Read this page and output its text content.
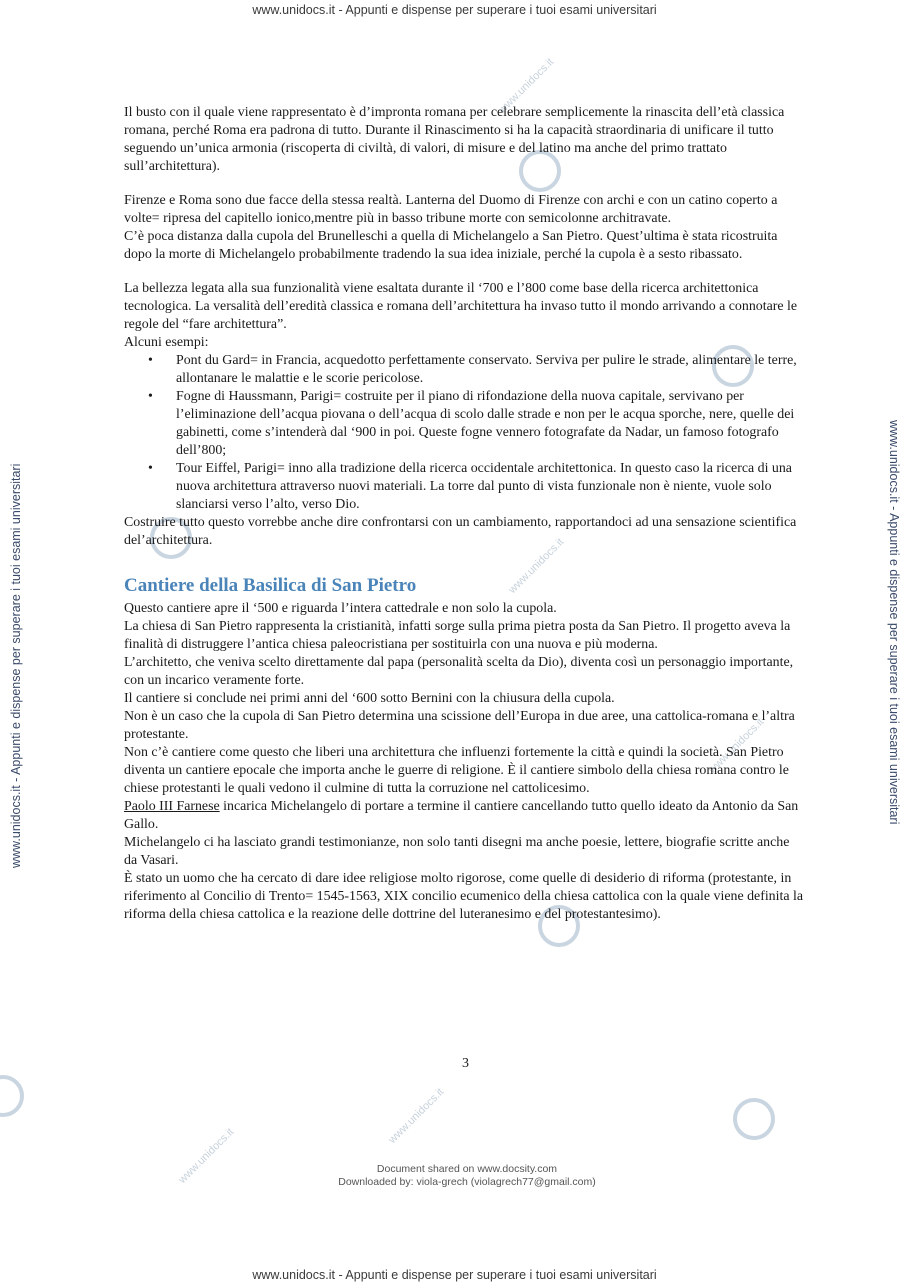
www.unidocs.it
www.unidocs.it
www.unidocs.it
www.unidocs.it
www.unidocs.it
www.unidocs.it - Appunti e dispense per superare i tuoi esami universitari
www.unidocs.it - Appunti e dispense per superare i tuoi esami universitari
www.unidocs.it - Appunti e dispense per superare i tuoi esami universitari	www.unidocs.it - Appunti e dispense per superare i tuoi esami universitari

Il busto con il quale viene rappresentato è d’impronta romana per celebrare semplicemente la rinascita dell’età classica romana, perché Roma era padrona di tutto. Durante il Rinascimento si ha la capacità straordinaria di unificare il tutto seguendo un’unica armonia (riscoperta di civiltà, di valori, di misure e del latino ma anche del primo trattato sull’architettura).

Firenze e Roma sono due facce della stessa realtà. Lanterna del Duomo di Firenze con archi e con un catino coperto a volte= ripresa del capitello ionico,mentre più in basso tribune morte con semicolonne architravate.

C’è poca distanza dalla cupola del Brunelleschi a quella di Michelangelo a San Pietro. Quest’ultima è stata ricostruita dopo la morte di Michelangelo probabilmente tradendo la sua idea iniziale, perché la cupola è a sesto ribassato.

La bellezza legata alla sua funzionalità viene esaltata durante il ‘700 e l’800 come base della ricerca architettonica tecnologica. La versalità dell’eredità classica e romana dell’architettura ha invaso tutto il mondo arrivando a connotare le regole del “fare architettura”.

Alcuni esempi:

• Pont du Gard= in Francia, acquedotto perfettamente conservato. Serviva per pulire le strade, alimentare le terre, allontanare le malattie e le scorie pericolose.
• Fogne di Haussmann, Parigi= costruite per il piano di rifondazione della nuova capitale, servivano per l’eliminazione dell’acqua piovana o dell’acqua di scolo dalle strade e non per le acqua sporche, nere, quelle dei gabinetti, come s’intenderà dal ‘900 in poi. Queste fogne vennero fotografate da Nadar, un famoso fotografo dell’800;
• Tour Eiffel, Parigi= inno alla tradizione della ricerca occidentale architettonica. In questo caso la ricerca di una nuova architettura attraverso nuovi materiali. La torre dal punto di vista funzionale non è niente, vuole solo slanciarsi verso l’alto, verso Dio.

Costruire tutto questo vorrebbe anche dire confrontarsi con un cambiamento, rapportandoci ad una sensazione scientifica del’architettura.

Cantiere della Basilica di San Pietro

Questo cantiere apre il ‘500 e riguarda l’intera cattedrale e non solo la cupola.

La chiesa di San Pietro rappresenta la cristianità, infatti sorge sulla prima pietra posta da San Pietro. Il progetto aveva la finalità di distruggere l’antica chiesa paleocristiana per sostituirla con una nuova e più moderna.

L’architetto, che veniva scelto direttamente dal papa (personalità scelta da Dio), diventa così un personaggio importante, con un incarico veramente forte.

Il cantiere si conclude nei primi anni del ‘600 sotto Bernini con la chiusura della cupola.

Non è un caso che la cupola di San Pietro determina una scissione dell’Europa in due aree, una cattolica-romana e l’altra protestante.

Non c’è cantiere come questo che liberi una architettura che influenzi fortemente la città e quindi la società. San Pietro diventa un cantiere epocale che importa anche le guerre di religione. È il cantiere simbolo della chiesa romana contro le chiese protestanti le quali vedono il culmine di tutta la corruzione nel cattolicesimo.

Paolo III Farnese incarica Michelangelo di portare a termine il cantiere cancellando tutto quello ideato da Antonio da San Gallo.

Michelangelo ci ha lasciato grandi testimonianze, non solo tanti disegni ma anche poesie, lettere, biografie scritte anche da Vasari.

È stato un uomo che ha cercato di dare idee religiose molto rigorose, come quelle di desiderio di riforma (protestante, in riferimento al Concilio di Trento= 1545-1563, XIX concilio ecumenico della chiesa cattolica con la quale viene definita la riforma della chiesa cattolica e la reazione delle dottrine del luteranesimo e del protestantesimo).

3
Document shared on www.docsity.com
Downloaded by: viola-grech (violagrech77@gmail.com)
